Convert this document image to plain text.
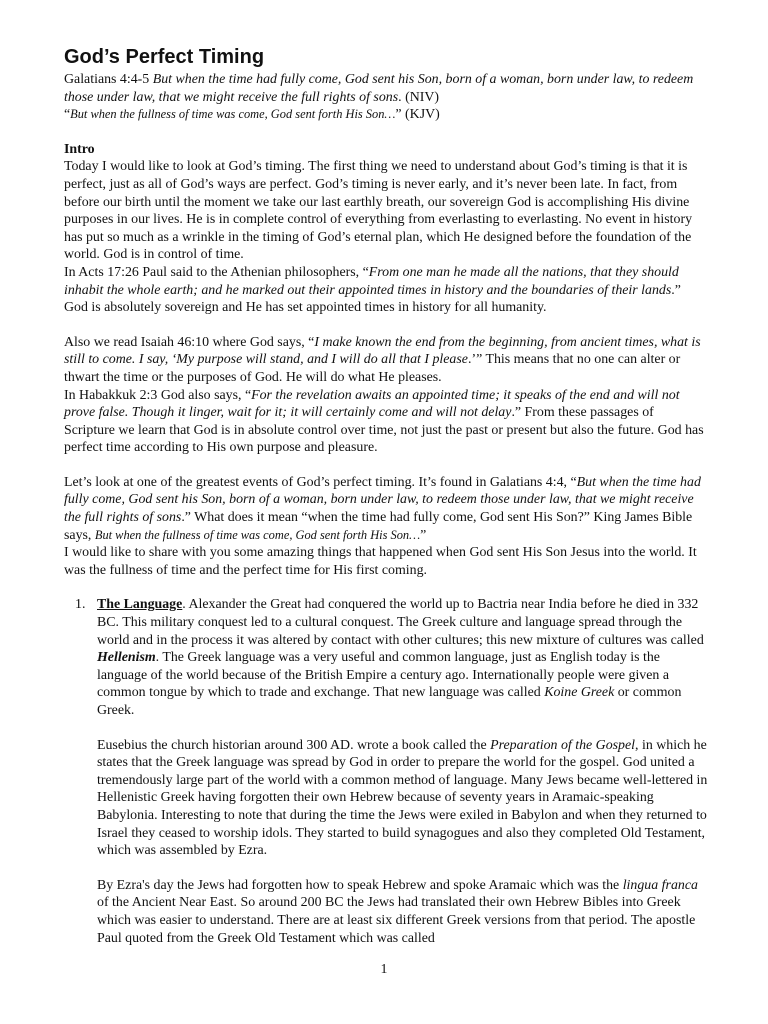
God’s Perfect Timing

Galatians 4:4-5 But when the time had fully come, God sent his Son, born of a woman, born under law, to redeem those under law, that we might receive the full rights of sons. (NIV)

“But when the fullness of time was come, God sent forth His Son…” (KJV)

Intro

Today I would like to look at God’s timing. The first thing we need to understand about God’s timing is that it is perfect, just as all of God’s ways are perfect. God’s timing is never early, and it’s never been late. In fact, from before our birth until the moment we take our last earthly breath, our sovereign God is accomplishing His divine purposes in our lives. He is in complete control of everything from everlasting to everlasting. No event in history has put so much as a wrinkle in the timing of God’s eternal plan, which He designed before the foundation of the world. God is in control of time.

In Acts 17:26 Paul said to the Athenian philosophers, “From one man he made all the nations, that they should inhabit the whole earth; and he marked out their appointed times in history and the boundaries of their lands.” God is absolutely sovereign and He has set appointed times in history for all humanity.

Also we read Isaiah 46:10 where God says, “I make known the end from the beginning, from ancient times, what is still to come. I say, ‘My purpose will stand, and I will do all that I please.’” This means that no one can alter or thwart the time or the purposes of God. He will do what He pleases.

In Habakkuk 2:3 God also says, “For the revelation awaits an appointed time; it speaks of the end and will not prove false. Though it linger, wait for it; it will certainly come and will not delay.” From these passages of Scripture we learn that God is in absolute control over time, not just the past or present but also the future. God has perfect time according to His own purpose and pleasure.

Let’s look at one of the greatest events of God’s perfect timing. It’s found in Galatians 4:4, “But when the time had fully come, God sent his Son, born of a woman, born under law, to redeem those under law, that we might receive the full rights of sons.” What does it mean “when the time had fully come, God sent His Son?” King James Bible says, But when the fullness of time was come, God sent forth His Son…”

I would like to share with you some amazing things that happened when God sent His Son Jesus into the world. It was the fullness of time and the perfect time for His first coming.

1. The Language. Alexander the Great had conquered the world up to Bactria near India before he died in 332 BC. This military conquest led to a cultural conquest. The Greek culture and language spread through the world and in the process it was altered by contact with other cultures; this new mixture of cultures was called Hellenism. The Greek language was a very useful and common language, just as English today is the language of the world because of the British Empire a century ago. Internationally people were given a common tongue by which to trade and exchange. That new language was called Koine Greek or common Greek.

Eusebius the church historian around 300 AD. wrote a book called the Preparation of the Gospel, in which he states that the Greek language was spread by God in order to prepare the world for the gospel. God united a tremendously large part of the world with a common method of language. Many Jews became well-lettered in Hellenistic Greek having forgotten their own Hebrew because of seventy years in Aramaic-speaking Babylonia. Interesting to note that during the time the Jews were exiled in Babylon and when they returned to Israel they ceased to worship idols. They started to build synagogues and also they completed Old Testament, which was assembled by Ezra.

By Ezra's day the Jews had forgotten how to speak Hebrew and spoke Aramaic which was the lingua franca of the Ancient Near East. So around 200 BC the Jews had translated their own Hebrew Bibles into Greek which was easier to understand. There are at least six different Greek versions from that period. The apostle Paul quoted from the Greek Old Testament which was called

1
